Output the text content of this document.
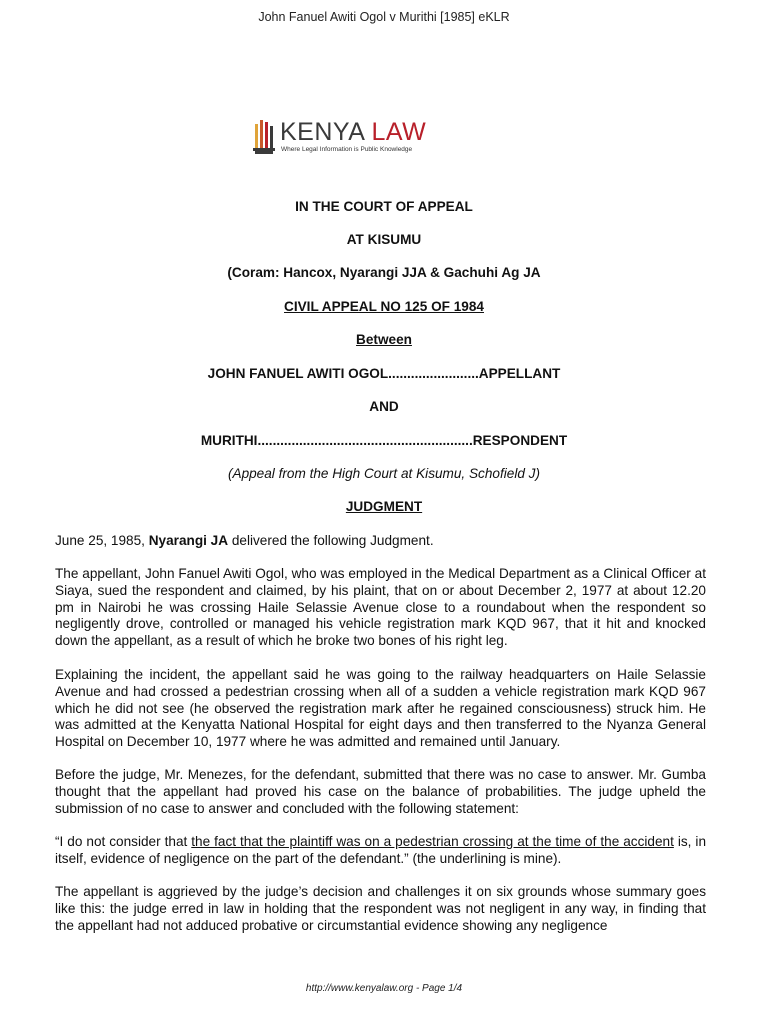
John Fanuel Awiti Ogol v Murithi [1985] eKLR
KENYA LAW
Where Legal Information is Public Knowledge
IN THE COURT OF APPEAL
AT KISUMU
(Coram: Hancox, Nyarangi JJA & Gachuhi Ag JA
CIVIL APPEAL NO 125 OF 1984
Between
JOHN FANUEL AWITI OGOL........................APPELLANT
AND
MURITHI.........................................................RESPONDENT
(Appeal from the High Court at Kisumu, Schofield J)
JUDGMENT
June 25, 1985, Nyarangi JA delivered the following Judgment.
The appellant, John Fanuel Awiti Ogol, who was employed in the Medical Department as a Clinical Officer at Siaya, sued the respondent and claimed, by his plaint, that on or about December 2, 1977 at about 12.20 pm in Nairobi he was crossing Haile Selassie Avenue close to a roundabout when the respondent so negligently drove, controlled or managed his vehicle registration mark KQD 967, that it hit and knocked down the appellant, as a result of which he broke two bones of his right leg.
Explaining the incident, the appellant said he was going to the railway headquarters on Haile Selassie Avenue and had crossed a pedestrian crossing when all of a sudden a vehicle registration mark KQD 967 which he did not see (he observed the registration mark after he regained consciousness) struck him. He was admitted at the Kenyatta National Hospital for eight days and then transferred to the Nyanza General Hospital on December 10, 1977 where he was admitted and remained until January.
Before the judge, Mr. Menezes, for the defendant, submitted that there was no case to answer. Mr. Gumba thought that the appellant had proved his case on the balance of probabilities. The judge upheld the submission of no case to answer and concluded with the following statement:
“I do not consider that the fact that the plaintiff was on a pedestrian crossing at the time of the accident is, in itself, evidence of negligence on the part of the defendant.” (the underlining is mine).
The appellant is aggrieved by the judge’s decision and challenges it on six grounds whose summary goes like this: the judge erred in law in holding that the respondent was not negligent in any way, in finding that the appellant had not adduced probative or circumstantial evidence showing any negligence
http://www.kenyalaw.org - Page 1/4
